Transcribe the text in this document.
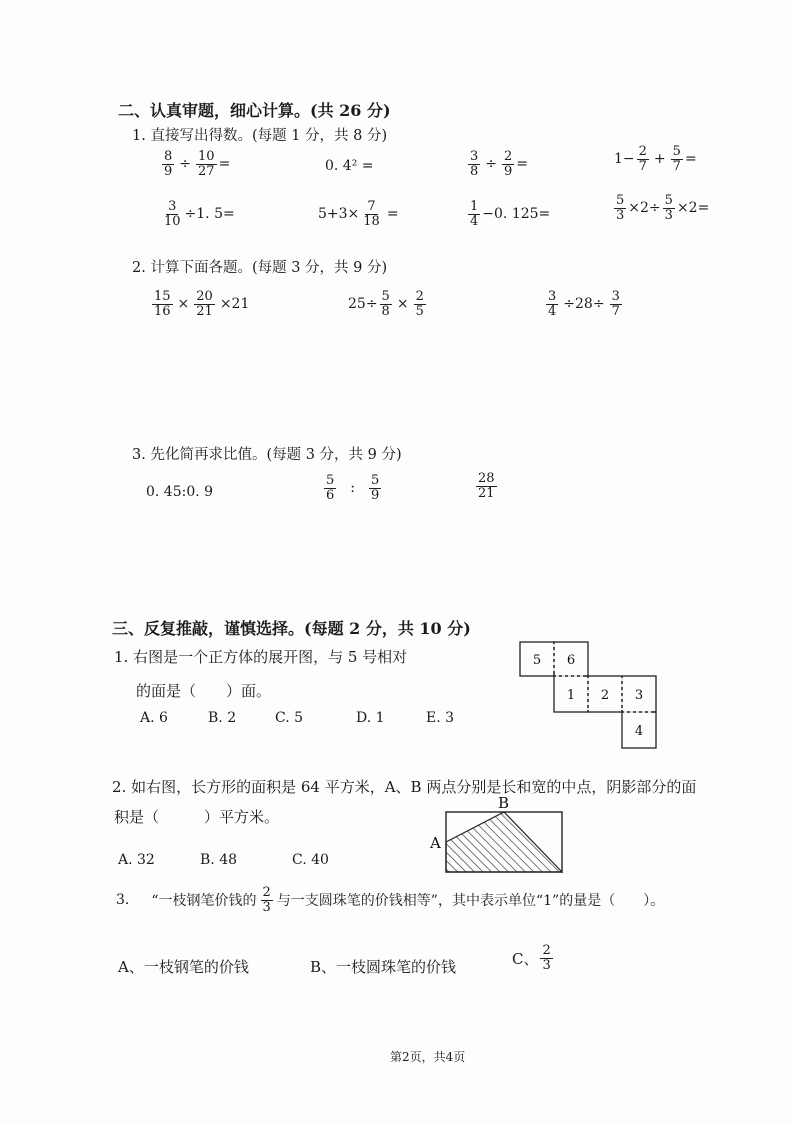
二、认真审题，细心计算。(共 26 分)
1. 直接写出得数。(每题 1 分，共 8 分)
$\frac{8}{9} \div \frac{10}{27}$ =	0. 4² =	$\frac{3}{8} \div \frac{2}{9}$ =	$1- \frac{2}{7} + \frac{5}{7}$ =
$\frac{3}{10} \div 1$. 5=	$5+3\times \frac{7}{18}$ =	$\frac{1}{4} -0$. 125=	$\frac{5}{3} \times 2\div \frac{5}{3} \times 2=$
2. 计算下面各题。(每题 3 分，共 9 分)
$\frac{15}{16} \times \frac{20}{21} \times 21$	$25\div \frac{5}{8} \times \frac{2}{5}$	$\frac{3}{4} \div 28\div \frac{3}{7}$
3. 先化简再求比值。(每题 3 分，共 9 分)
0. 45:0. 9	$\frac{5}{6}$ : $\frac{5}{9}$	$\frac{28}{21}$
三、反复推敲，谨慎选择。(每题 2 分，共 10 分)
1. 右图是一个正方体的展开图，与 5 号相对
的面是（　　）面。
A. 6	B. 2	C. 5	D. 1	E. 3
5 6
1 2 3
4
2. 如右图，长方形的面积是 64 平方米，A、B 两点分别是长和宽的中点，阴影部分的面
积是（　　　）平方米。
A. 32	B. 48	C. 40
B
A
3. “一枝钢笔价钱的 $\frac{2}{3}$ 与一支圆珠笔的价钱相等”，其中表示单位“1”的量是（　　）。
A、一枝钢笔的价钱	B、一枝圆珠笔的价钱	C、 $\frac{2}{3}$
第2页，共4页
